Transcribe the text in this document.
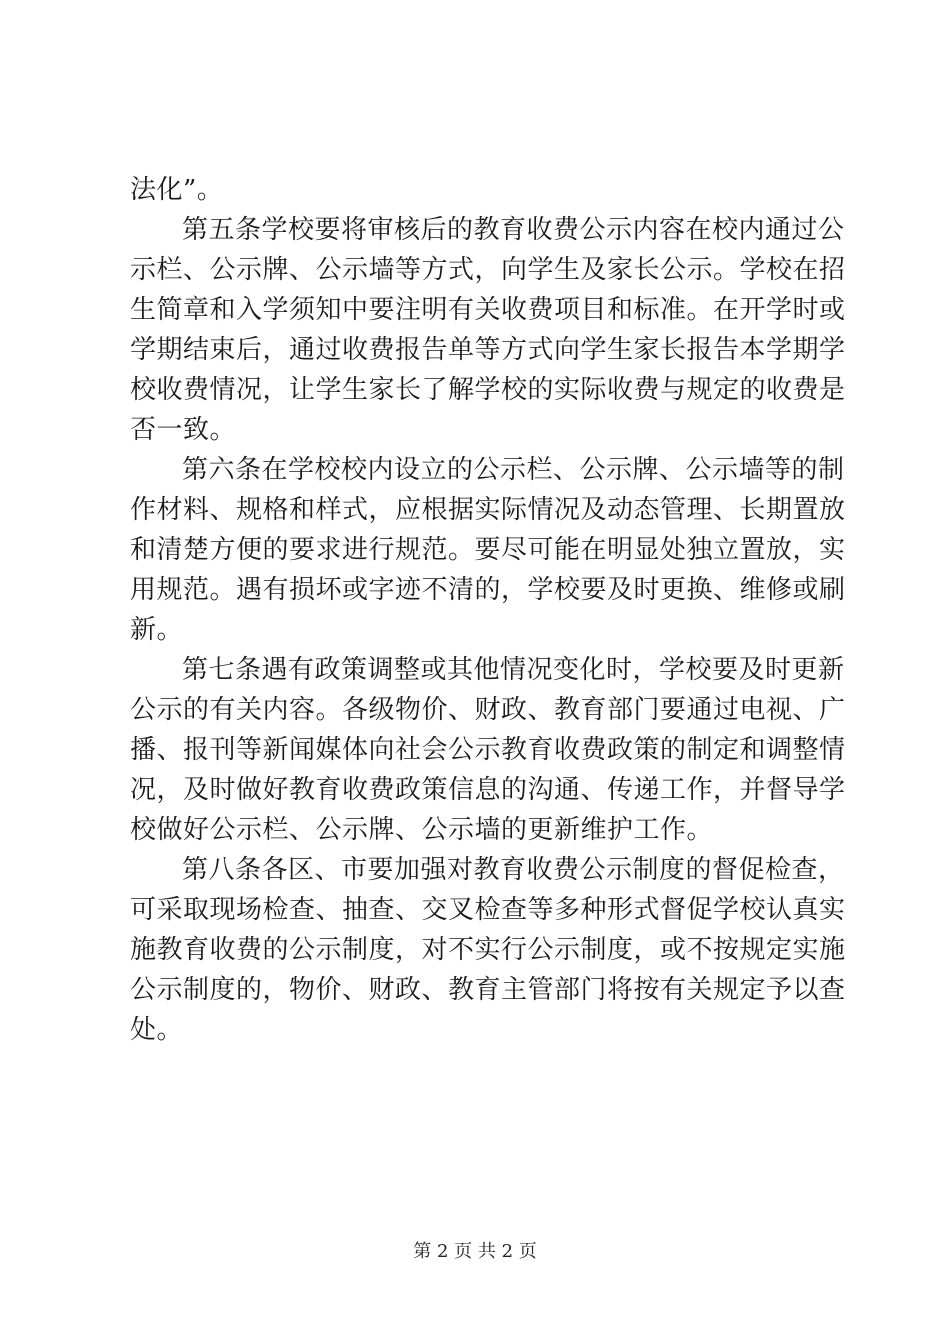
法化”。
第五条学校要将审核后的教育收费公示内容在校内通过公
示栏、公示牌、公示墙等方式，向学生及家长公示。学校在招
生简章和入学须知中要注明有关收费项目和标准。在开学时或
学期结束后，通过收费报告单等方式向学生家长报告本学期学
校收费情况，让学生家长了解学校的实际收费与规定的收费是
否一致。
第六条在学校校内设立的公示栏、公示牌、公示墙等的制
作材料、规格和样式，应根据实际情况及动态管理、长期置放
和清楚方便的要求进行规范。要尽可能在明显处独立置放，实
用规范。遇有损坏或字迹不清的，学校要及时更换、维修或刷
新。
第七条遇有政策调整或其他情况变化时，学校要及时更新
公示的有关内容。各级物价、财政、教育部门要通过电视、广
播、报刊等新闻媒体向社会公示教育收费政策的制定和调整情
况，及时做好教育收费政策信息的沟通、传递工作，并督导学
校做好公示栏、公示牌、公示墙的更新维护工作。
第八条各区、市要加强对教育收费公示制度的督促检查，
可采取现场检查、抽查、交叉检查等多种形式督促学校认真实
施教育收费的公示制度，对不实行公示制度，或不按规定实施
公示制度的，物价、财政、教育主管部门将按有关规定予以查
处。
第 2 页 共 2 页
